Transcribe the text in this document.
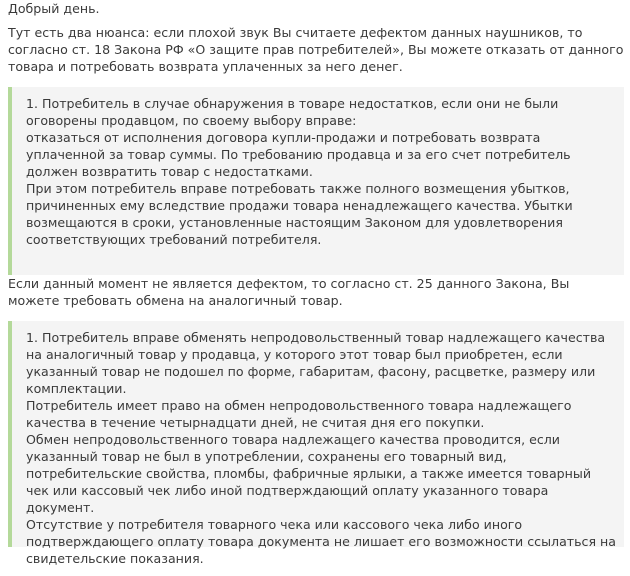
Добрый день.

Тут есть два нюанса: если плохой звук Вы считаете дефектом данных наушников, то согласно ст. 18 Закона РФ «О защите прав потребителей», Вы можете отказать от данного товара и потребовать возврата уплаченных за него денег.

1. Потребитель в случае обнаружения в товаре недостатков, если они не были оговорены продавцом, по своему выбору вправе:

отказаться от исполнения договора купли-продажи и потребовать возврата уплаченной за товар суммы. По требованию продавца и за его счет потребитель должен возвратить товар с недостатками.

При этом потребитель вправе потребовать также полного возмещения убытков, причиненных ему вследствие продажи товара ненадлежащего качества. Убытки возмещаются в сроки, установленные настоящим Законом для удовлетворения соответствующих требований потребителя.

Если данный момент не является дефектом, то согласно ст. 25 данного Закона, Вы можете требовать обмена на аналогичный товар.

1. Потребитель вправе обменять непродовольственный товар надлежащего качества на аналогичный товар у продавца, у которого этот товар был приобретен, если указанный товар не подошел по форме, габаритам, фасону, расцветке, размеру или комплектации.

Потребитель имеет право на обмен непродовольственного товара надлежащего качества в течение четырнадцати дней, не считая дня его покупки.

Обмен непродовольственного товара надлежащего качества проводится, если указанный товар не был в употреблении, сохранены его товарный вид, потребительские свойства, пломбы, фабричные ярлыки, а также имеется товарный чек или кассовый чек либо иной подтверждающий оплату указанного товара документ.

Отсутствие у потребителя товарного чека или кассового чека либо иного подтверждающего оплату товара документа не лишает его возможности ссылаться на свидетельские показания.
